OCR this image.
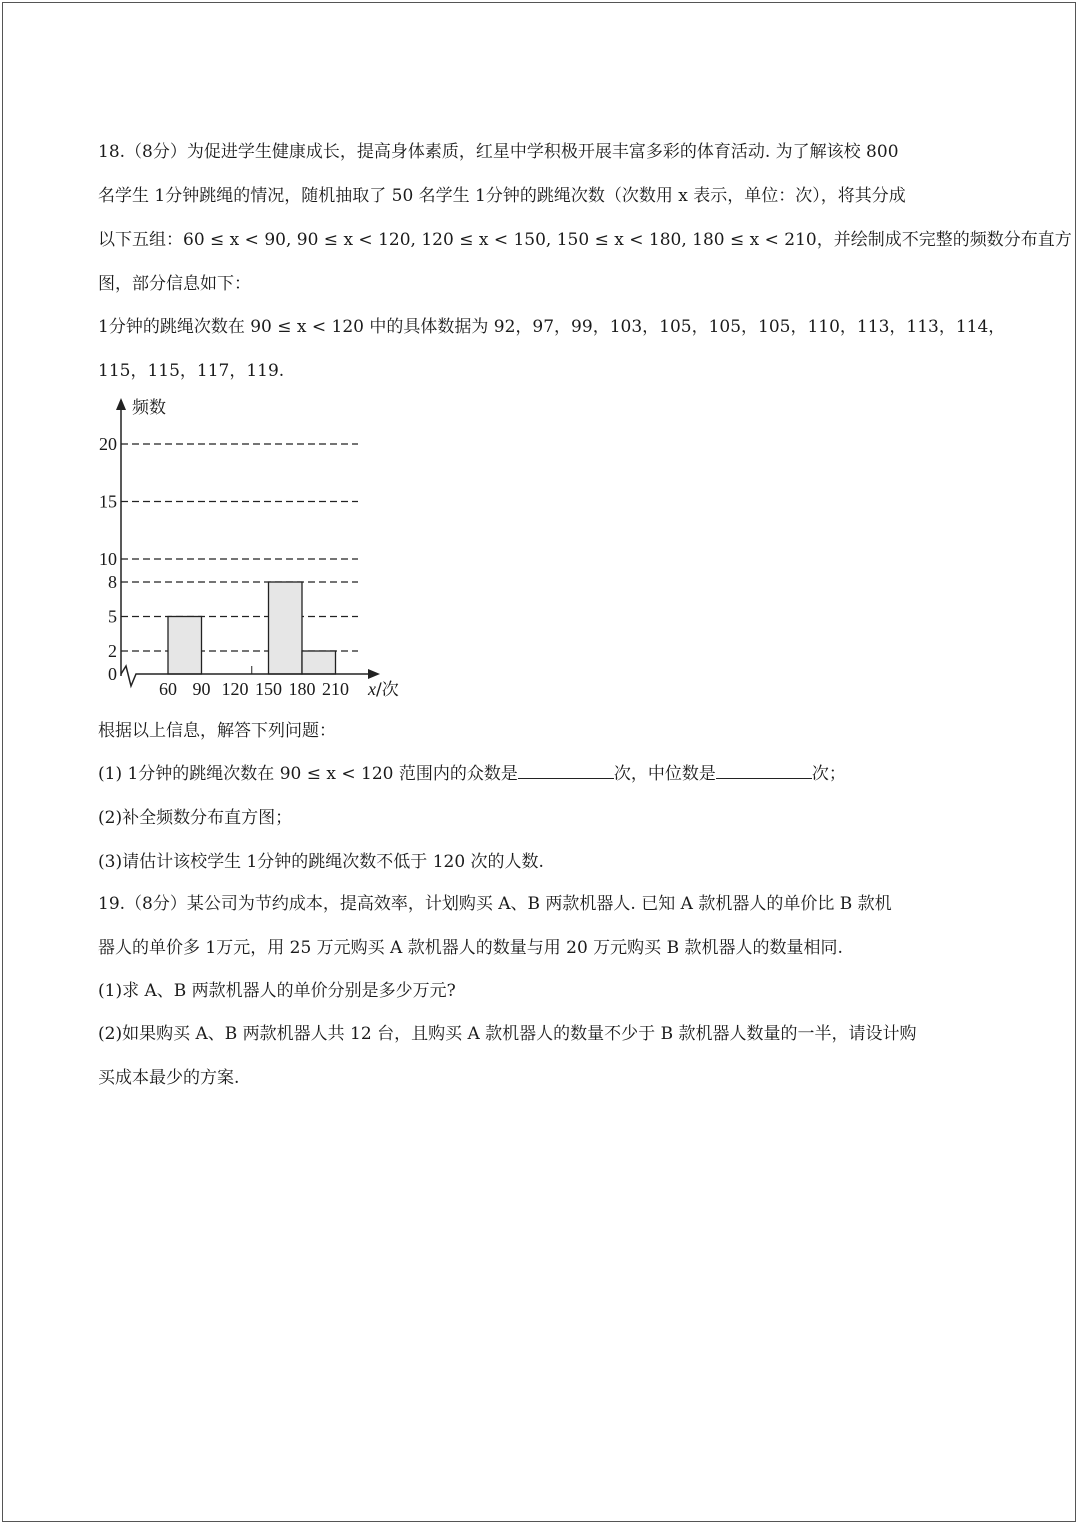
18.（8分）为促进学生健康成长，提高身体素质，红星中学积极开展丰富多彩的体育活动. 为了解该校 800
名学生 1分钟跳绳的情况，随机抽取了 50 名学生 1分钟的跳绳次数（次数用 x 表示，单位：次），将其分成
以下五组：60 ≤ x < 90, 90 ≤ x < 120, 120 ≤ x < 150, 150 ≤ x < 180, 180 ≤ x < 210，并绘制成不完整的频数分布直方
图，部分信息如下：
1分钟的跳绳次数在 90 ≤ x < 120 中的具体数据为 92，97，99，103，105，105，105，110，113，113，114，
115，115，117，119.
根据以上信息，解答下列问题：
(1) 1分钟的跳绳次数在 90 ≤ x < 120 范围内的众数是	次，中位数是	次；
(2)补全频数分布直方图；
(3)请估计该校学生 1分钟的跳绳次数不低于 120 次的人数.
19.（8分）某公司为节约成本，提高效率，计划购买 A、B 两款机器人. 已知 A 款机器人的单价比 B 款机
器人的单价多 1万元，用 25 万元购买 A 款机器人的数量与用 20 万元购买 B 款机器人的数量相同.
(1)求 A、B 两款机器人的单价分别是多少万元?
(2)如果购买 A、B 两款机器人共 12 台，且购买 A 款机器人的数量不少于 B 款机器人数量的一半，请设计购
买成本最少的方案.
频数
x/次
0
2
5
8
10
15
20
60 90 120 150 180 210
